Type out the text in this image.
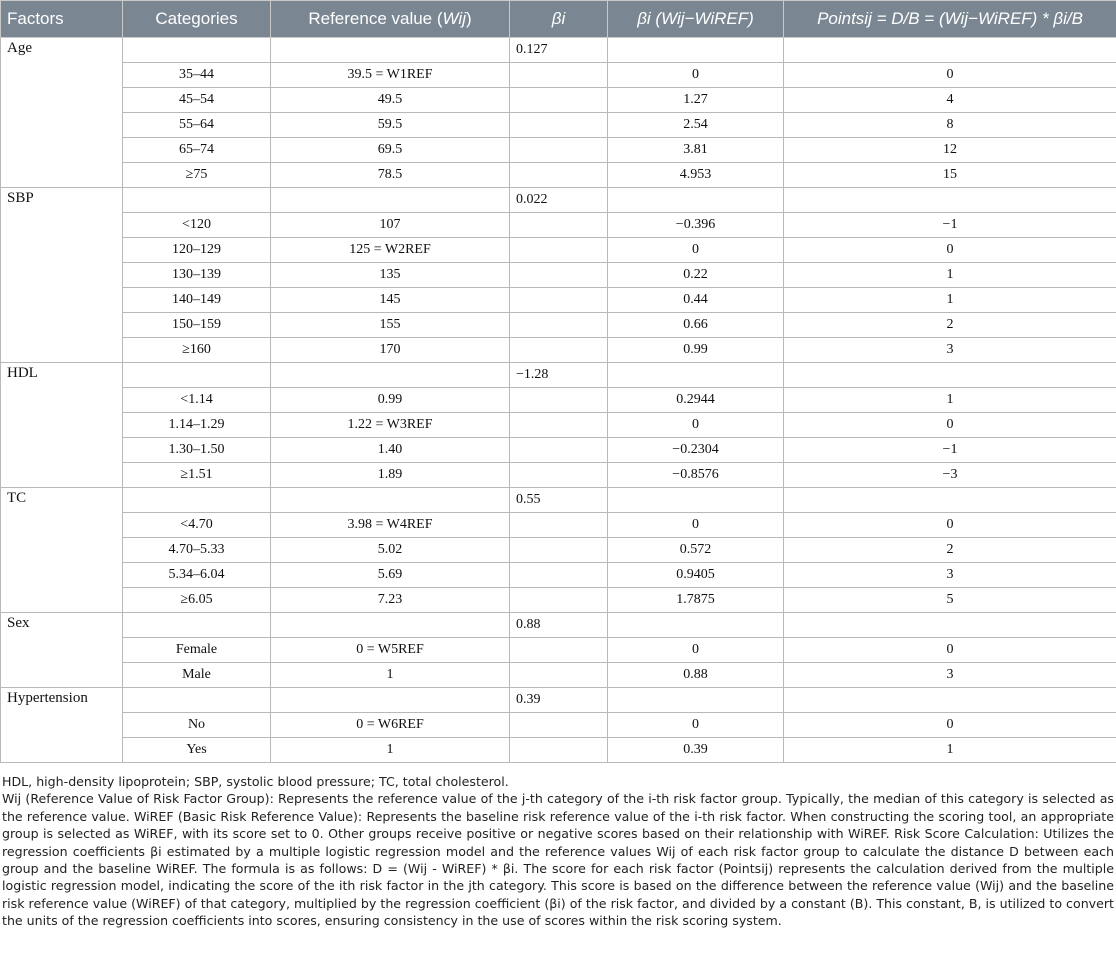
Factors	Categories	Reference value (Wij)	βi	βi (Wij−WiREF)	Pointsij = D/B = (Wij−WiREF) * βi/B
Age			0.127		
	35–44	39.5 = W1REF		0	0
	45–54	49.5		1.27	4
	55–64	59.5		2.54	8
	65–74	69.5		3.81	12
	≥75	78.5		4.953	15
SBP			0.022		
	<120	107		−0.396	−1
	120–129	125 = W2REF		0	0
	130–139	135		0.22	1
	140–149	145		0.44	1
	150–159	155		0.66	2
	≥160	170		0.99	3
HDL			−1.28		
	<1.14	0.99		0.2944	1
	1.14–1.29	1.22 = W3REF		0	0
	1.30–1.50	1.40		−0.2304	−1
	≥1.51	1.89		−0.8576	−3
TC			0.55		
	<4.70	3.98 = W4REF		0	0
	4.70–5.33	5.02		0.572	2
	5.34–6.04	5.69		0.9405	3
	≥6.05	7.23		1.7875	5
Sex			0.88		
	Female	0 = W5REF		0	0
	Male	1		0.88	3
Hypertension			0.39		
	No	0 = W6REF		0	0
	Yes	1		0.39	1

HDL, high-density lipoprotein; SBP, systolic blood pressure; TC, total cholesterol.

Wij (Reference Value of Risk Factor Group): Represents the reference value of the j-th category of the i-th risk factor group. Typically, the median of this category is selected as the reference value. WiREF (Basic Risk Reference Value): Represents the baseline risk reference value of the i-th risk factor. When constructing the scoring tool, an appropriate group is selected as WiREF, with its score set to 0. Other groups receive positive or negative scores based on their relationship with WiREF. Risk Score Calculation: Utilizes the regression coefficients βi estimated by a multiple logistic regression model and the reference values Wij of each risk factor group to calculate the distance D between each group and the baseline WiREF. The formula is as follows: D = (Wij - WiREF) * βi. The score for each risk factor (Pointsij) represents the calculation derived from the multiple logistic regression model, indicating the score of the ith risk factor in the jth category. This score is based on the difference between the reference value (Wij) and the baseline risk reference value (WiREF) of that category, multiplied by the regression coefficient (βi) of the risk factor, and divided by a constant (B). This constant, B, is utilized to convert the units of the regression coefficients into scores, ensuring consistency in the use of scores within the risk scoring system.
